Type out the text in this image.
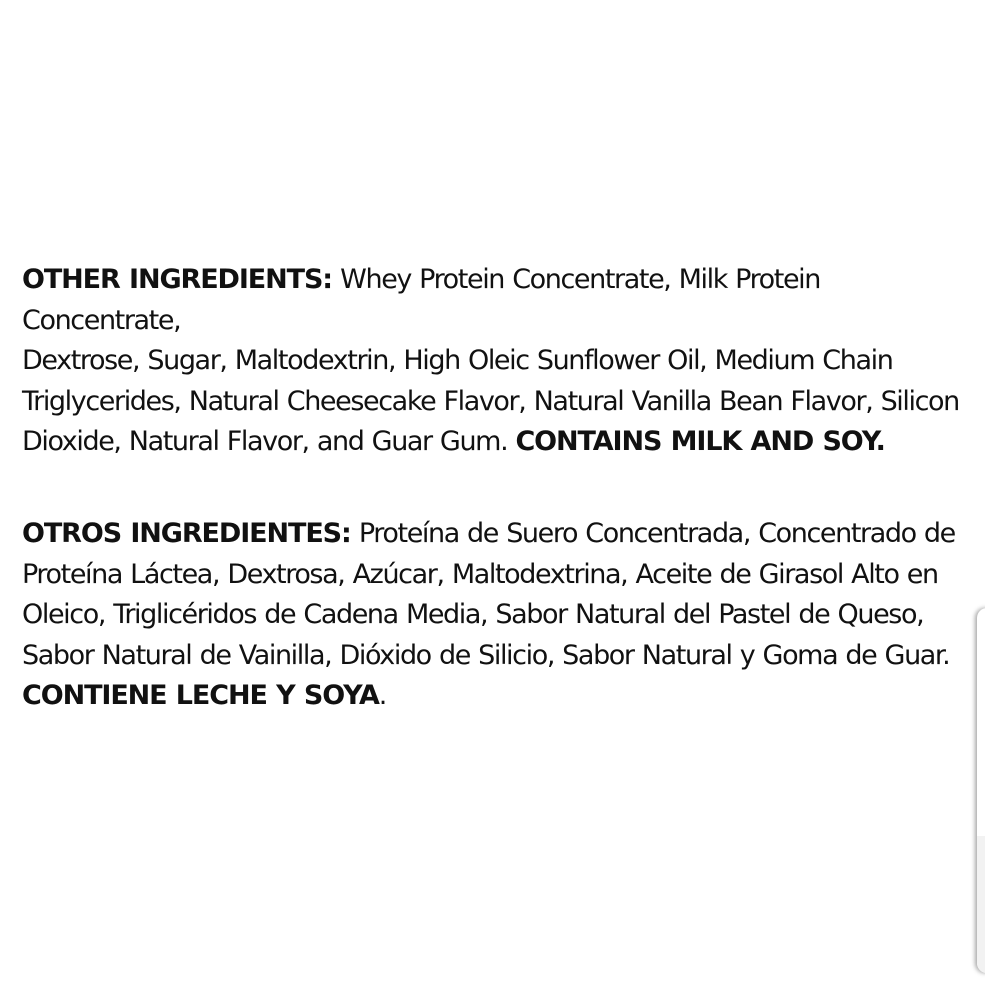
OTHER INGREDIENTS: Whey Protein Concentrate, Milk Protein Concentrate,
Dextrose, Sugar, Maltodextrin, High Oleic Sunflower Oil, Medium Chain
Triglycerides, Natural Cheesecake Flavor, Natural Vanilla Bean Flavor, Silicon
Dioxide, Natural Flavor, and Guar Gum. CONTAINS MILK AND SOY.

OTROS INGREDIENTES: Proteína de Suero Concentrada, Concentrado de
Proteína Láctea, Dextrosa, Azúcar, Maltodextrina, Aceite de Girasol Alto en
Oleico, Triglicéridos de Cadena Media, Sabor Natural del Pastel de Queso,
Sabor Natural de Vainilla, Dióxido de Silicio, Sabor Natural y Goma de Guar.
CONTIENE LECHE Y SOYA.
